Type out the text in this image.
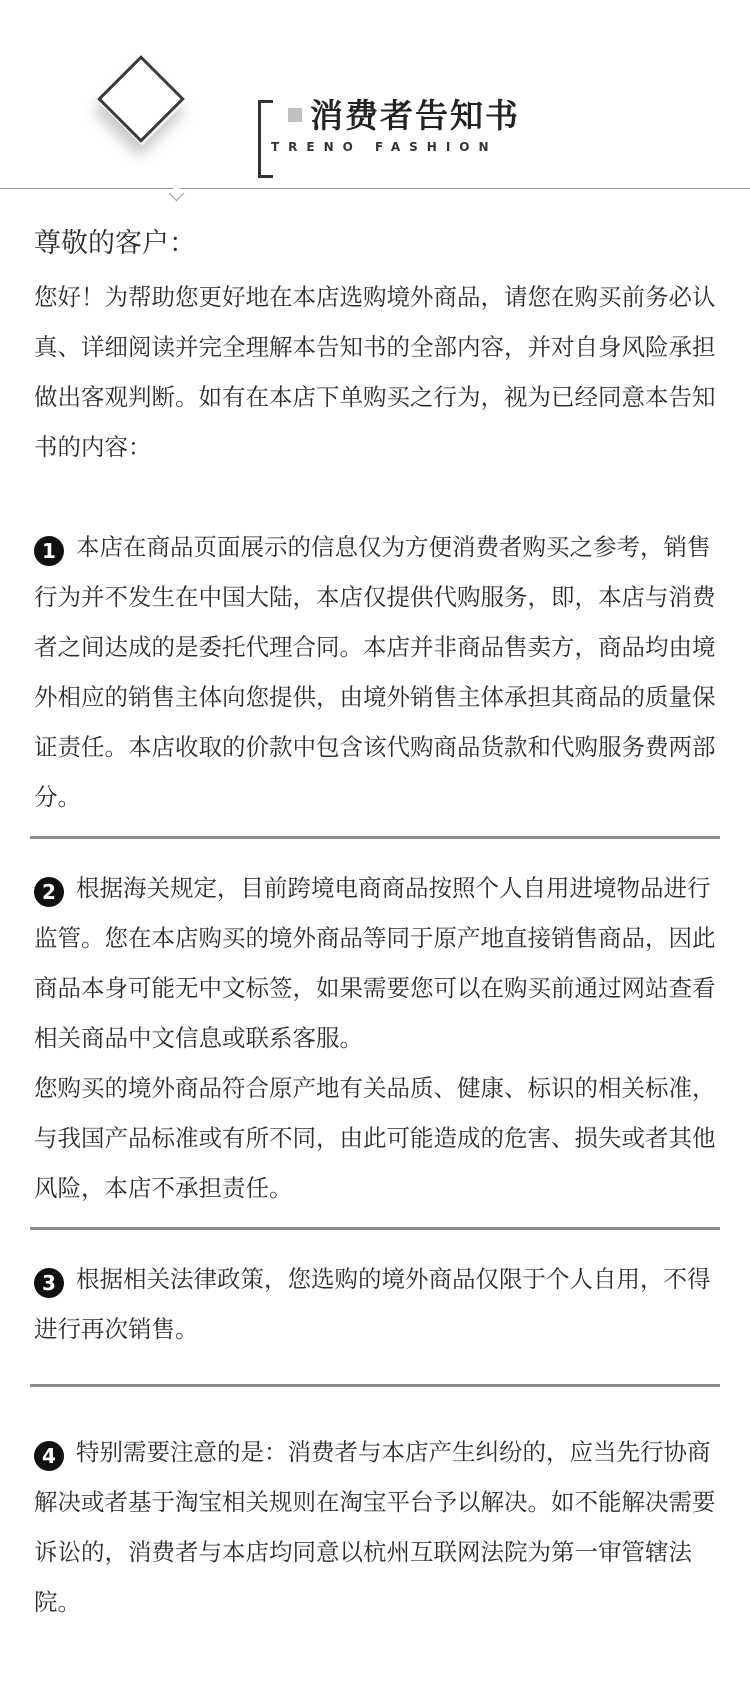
消费者告知书
TRENO FASHION

尊敬的客户：

您好！为帮助您更好地在本店选购境外商品，请您在购买前务必认真、详细阅读并完全理解本告知书的全部内容，并对自身风险承担做出客观判断。如有在本店下单购买之行为，视为已经同意本告知书的内容：

1 本店在商品页面展示的信息仅为方便消费者购买之参考，销售行为并不发生在中国大陆，本店仅提供代购服务，即，本店与消费者之间达成的是委托代理合同。本店并非商品售卖方，商品均由境外相应的销售主体向您提供，由境外销售主体承担其商品的质量保证责任。本店收取的价款中包含该代购商品货款和代购服务费两部分。

2 根据海关规定，目前跨境电商商品按照个人自用进境物品进行监管。您在本店购买的境外商品等同于原产地直接销售商品，因此商品本身可能无中文标签，如果需要您可以在购买前通过网站查看相关商品中文信息或联系客服。

您购买的境外商品符合原产地有关品质、健康、标识的相关标准，与我国产品标准或有所不同，由此可能造成的危害、损失或者其他风险，本店不承担责任。

3 根据相关法律政策，您选购的境外商品仅限于个人自用，不得进行再次销售。

4 特别需要注意的是：消费者与本店产生纠纷的，应当先行协商解决或者基于淘宝相关规则在淘宝平台予以解决。如不能解决需要诉讼的，消费者与本店均同意以杭州互联网法院为第一审管辖法院。
